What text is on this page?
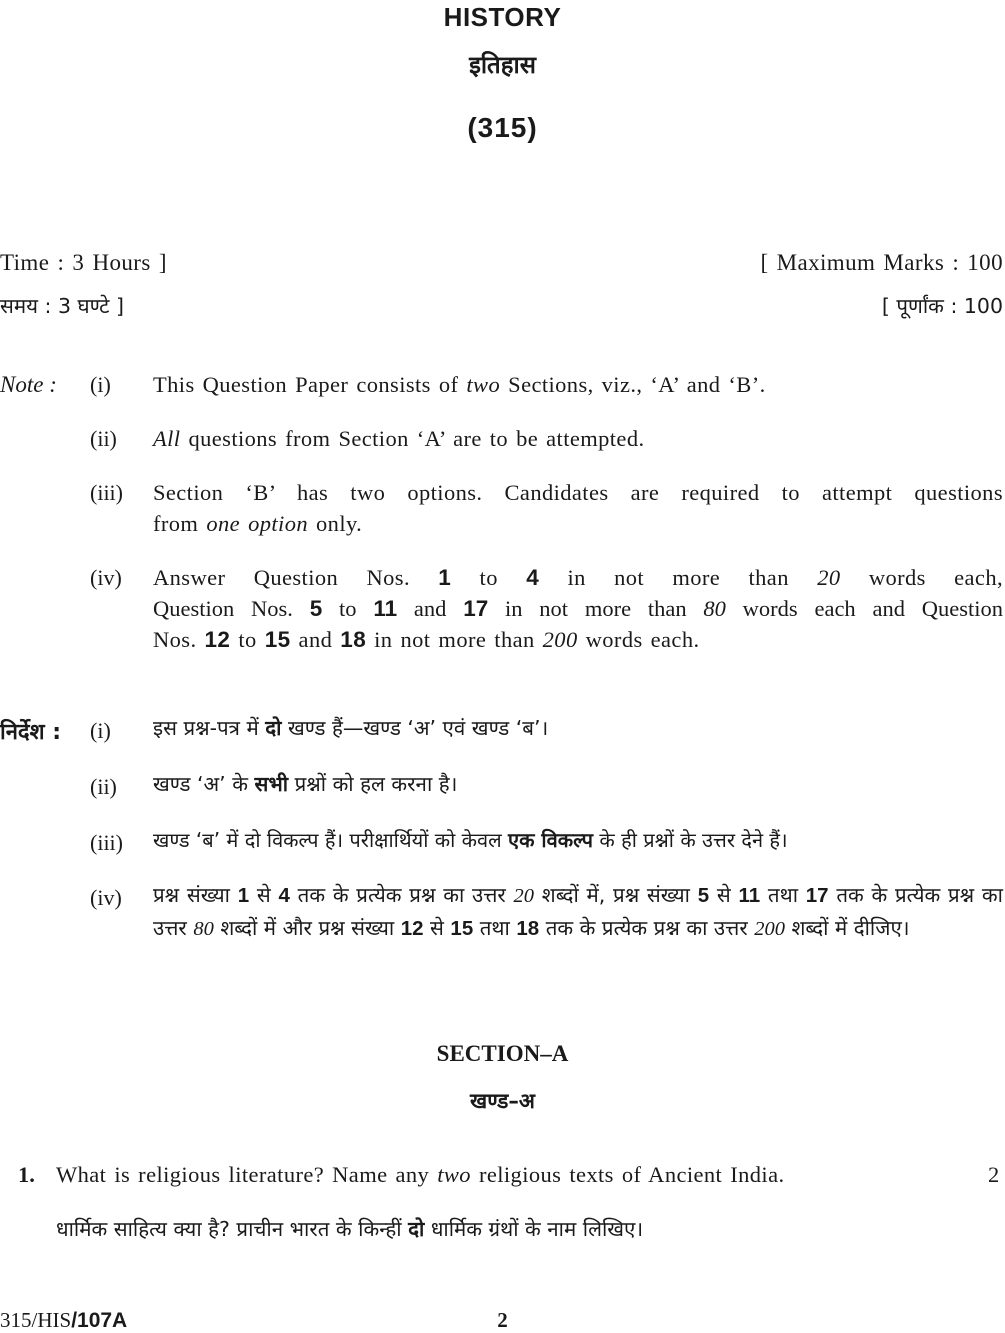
HISTORY
इतिहास
(315)
Time : 3 Hours ]	[ Maximum Marks : 100
समय : 3 घण्टे ]	[ पूर्णांक : 100
Note : (i) This Question Paper consists of two Sections, viz., ‘A’ and ‘B’.
(ii) All questions from Section ‘A’ are to be attempted.
(iii) Section ‘B’ has two options. Candidates are required to attempt questions
from one option only.
(iv) Answer Question Nos. 1 to 4 in not more than 20 words each,
Question Nos. 5 to 11 and 17 in not more than 80 words each and Question
Nos. 12 to 15 and 18 in not more than 200 words each.
निर्देश : (i) इस प्रश्न-पत्र में दो खण्ड हैं—खण्ड ‘अ’ एवं खण्ड ‘ब’।
(ii) खण्ड ‘अ’ के सभी प्रश्नों को हल करना है।
(iii) खण्ड ‘ब’ में दो विकल्प हैं। परीक्षार्थियों को केवल एक विकल्प के ही प्रश्नों के उत्तर देने हैं।
(iv) प्रश्न संख्या 1 से 4 तक के प्रत्येक प्रश्न का उत्तर 20 शब्दों में, प्रश्न संख्या 5 से 11 तथा 17 तक के प्रत्येक प्रश्न का उत्तर 80 शब्दों में और प्रश्न संख्या 12 से 15 तथा 18 तक के प्रत्येक प्रश्न का उत्तर 200 शब्दों में दीजिए।
SECTION–A
खण्ड–अ
1. What is religious literature? Name any two religious texts of Ancient India.	2
धार्मिक साहित्य क्या है? प्राचीन भारत के किन्हीं दो धार्मिक ग्रंथों के नाम लिखिए।
315/HIS/107A	2
